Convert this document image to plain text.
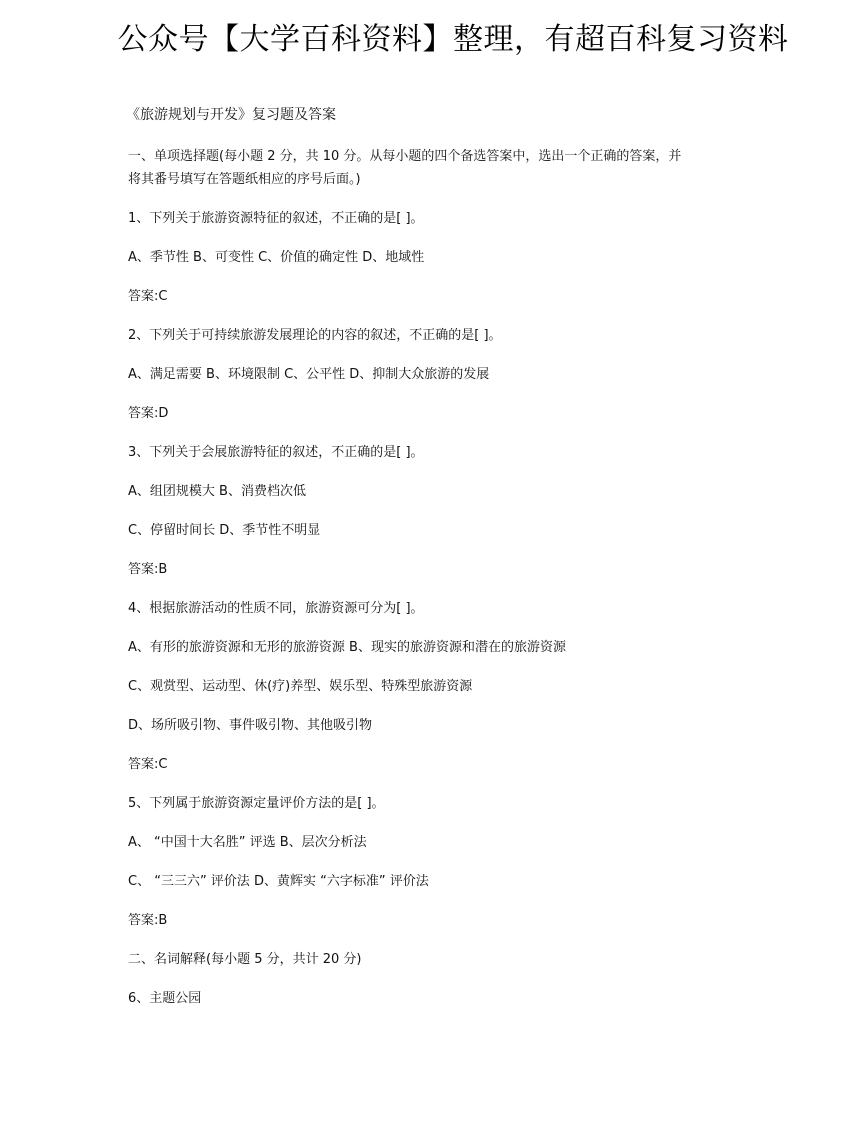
公众号【大学百科资料】整理，有超百科复习资料

《旅游规划与开发》复习题及答案

一、单项选择题(每小题 2 分，共 10 分。从每小题的四个备选答案中，选出一个正确的答案，并
将其番号填写在答题纸相应的序号后面。)

1、下列关于旅游资源特征的叙述，不正确的是[ ]。

A、季节性 B、可变性 C、价值的确定性 D、地域性

答案:C

2、下列关于可持续旅游发展理论的内容的叙述，不正确的是[ ]。

A、满足需要 B、环境限制 C、公平性 D、抑制大众旅游的发展

答案:D

3、下列关于会展旅游特征的叙述，不正确的是[ ]。

A、组团规模大 B、消费档次低

C、停留时间长 D、季节性不明显

答案:B

4、根据旅游活动的性质不同，旅游资源可分为[ ]。

A、有形的旅游资源和无形的旅游资源 B、现实的旅游资源和潜在的旅游资源

C、观赏型、运动型、休(疗)养型、娱乐型、特殊型旅游资源

D、场所吸引物、事件吸引物、其他吸引物

答案:C

5、下列属于旅游资源定量评价方法的是[ ]。

A、 “中国十大名胜” 评选 B、层次分析法

C、 “三三六” 评价法 D、黄辉实 “六字标准” 评价法

答案:B

二、名词解释(每小题 5 分，共计 20 分)

6、主题公园
